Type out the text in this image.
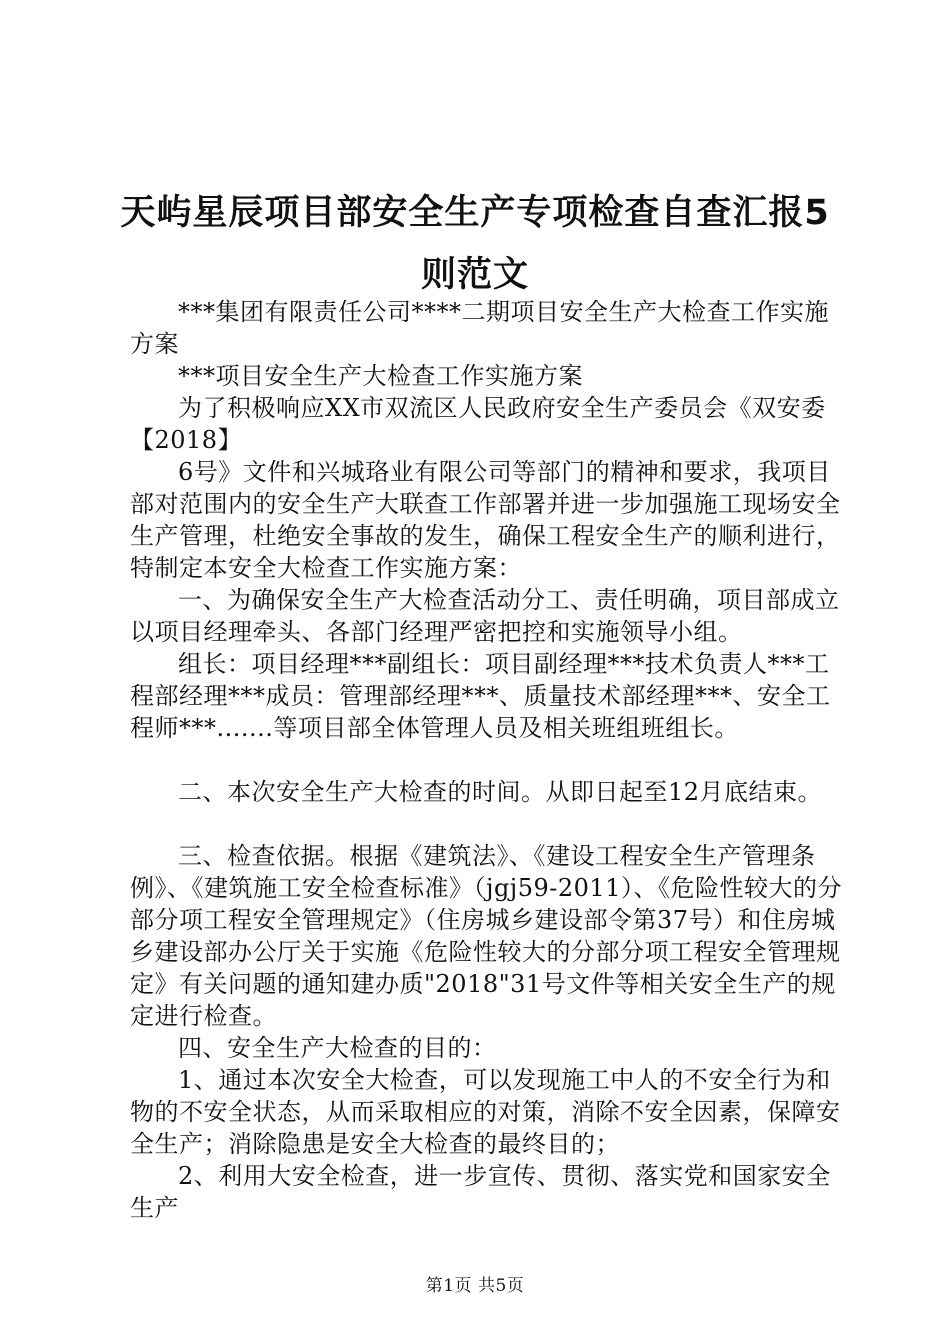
天屿星辰项目部安全生产专项检查自查汇报5则范文

***集团有限责任公司****二期项目安全生产大检查工作实施方案

***项目安全生产大检查工作实施方案

为了积极响应XX市双流区人民政府安全生产委员会《双安委【2018】

6号》文件和兴城珞业有限公司等部门的精神和要求，我项目部对范围内的安全生产大联查工作部署并进一步加强施工现场安全生产管理，杜绝安全事故的发生，确保工程安全生产的顺利进行，特制定本安全大检查工作实施方案：

一、为确保安全生产大检查活动分工、责任明确，项目部成立以项目经理牵头、各部门经理严密把控和实施领导小组。

组长：项目经理***副组长：项目副经理***技术负责人***工程部经理***成员：管理部经理***、质量技术部经理***、安全工程师***.......等项目部全体管理人员及相关班组班组长。

二、本次安全生产大检查的时间。从即日起至12月底结束。

三、检查依据。根据《建筑法》、《建设工程安全生产管理条例》、《建筑施工安全检查标准》（jgj59-2011）、《危险性较大的分部分项工程安全管理规定》（住房城乡建设部令第37号）和住房城乡建设部办公厅关于实施《危险性较大的分部分项工程安全管理规定》有关问题的通知建办质"2018"31号文件等相关安全生产的规定进行检查。

四、安全生产大检查的目的：

1、通过本次安全大检查，可以发现施工中人的不安全行为和物的不安全状态，从而采取相应的对策，消除不安全因素，保障安全生产；消除隐患是安全大检查的最终目的；

2、利用大安全检查，进一步宣传、贯彻、落实党和国家安全生产

第1页 共5页
